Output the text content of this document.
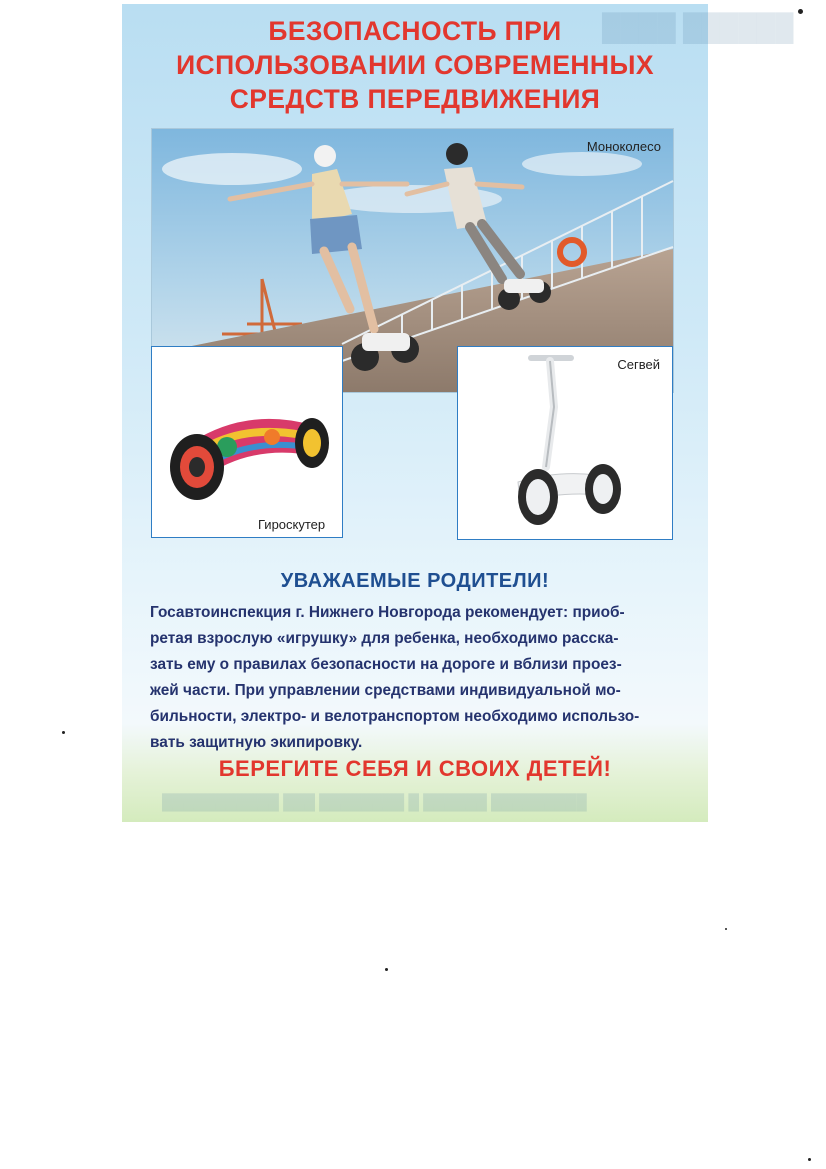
██████ ████
█████████ ██████ █ ████████ ███ ███████████
БЕЗОПАСНОСТЬ ПРИ
ИСПОЛЬЗОВАНИИ СОВРЕМЕННЫХ
СРЕДСТВ ПЕРЕДВИЖЕНИЯ
Моноколесо
Гироскутер
Сегвей
УВАЖАЕМЫЕ РОДИТЕЛИ!
Госавтоинспекция г. Нижнего Новгорода рекомендует: приоб-
ретая взрослую «игрушку» для ребенка, необходимо расска-
зать ему о правилах безопасности на дороге и вблизи проез-
жей части. При управлении средствами индивидуальной мо-
бильности, электро- и велотранспортом необходимо использо-
вать защитную экипировку.
БЕРЕГИТЕ СЕБЯ И СВОИХ ДЕТЕЙ!
